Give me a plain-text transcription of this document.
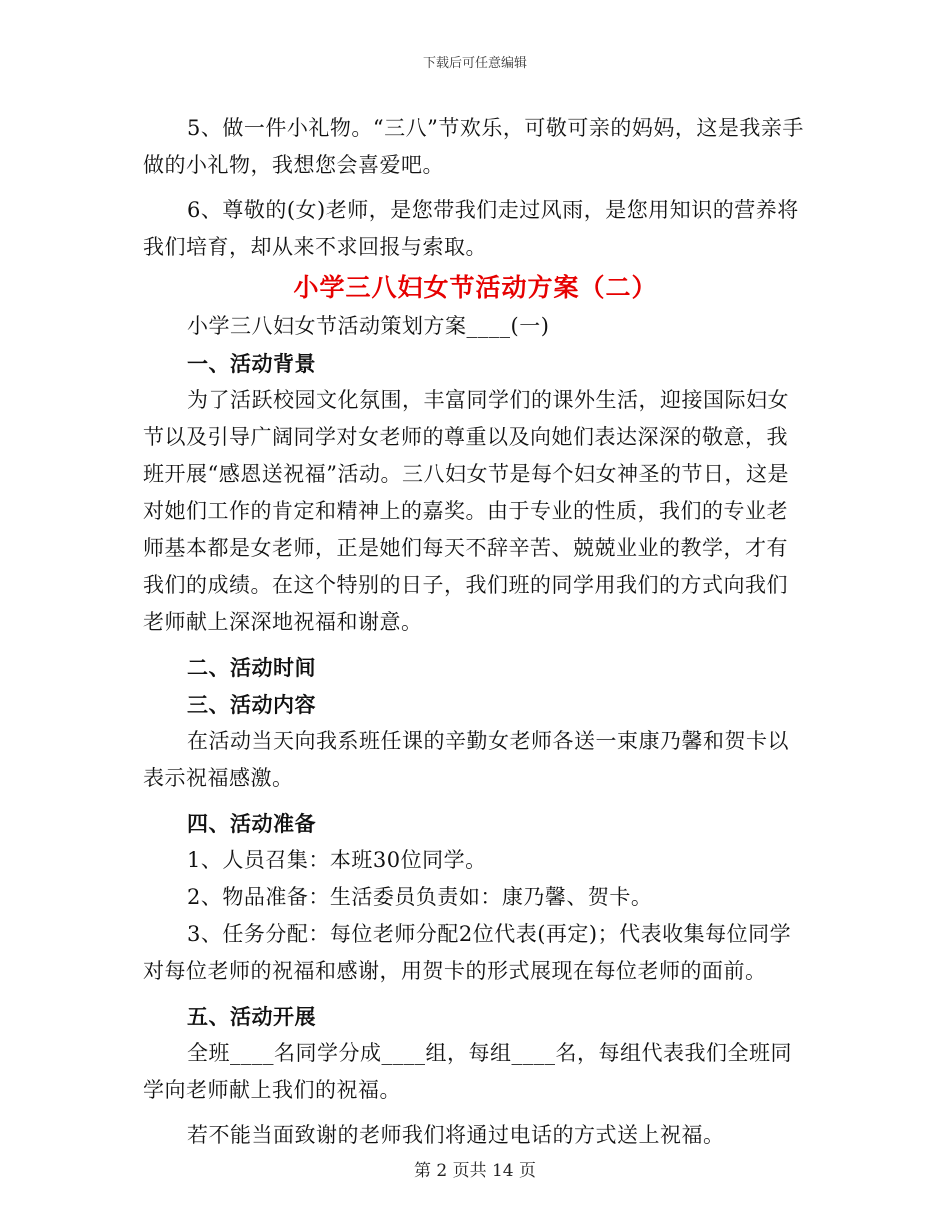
下载后可任意编辑

5、做一件小礼物。“三八”节欢乐，可敬可亲的妈妈，这是我亲手做的小礼物，我想您会喜爱吧。

6、尊敬的(女)老师，是您带我们走过风雨，是您用知识的营养将我们培育，却从来不求回报与索取。

小学三八妇女节活动方案（二）

小学三八妇女节活动策划方案____(一)

一、活动背景

为了活跃校园文化氛围，丰富同学们的课外生活，迎接国际妇女节以及引导广阔同学对女老师的尊重以及向她们表达深深的敬意，我班开展“感恩送祝福”活动。三八妇女节是每个妇女神圣的节日，这是对她们工作的肯定和精神上的嘉奖。由于专业的性质，我们的专业老师基本都是女老师，正是她们每天不辞辛苦、兢兢业业的教学，才有我们的成绩。在这个特别的日子，我们班的同学用我们的方式向我们老师献上深深地祝福和谢意。

二、活动时间

三、活动内容

在活动当天向我系班任课的辛勤女老师各送一束康乃馨和贺卡以表示祝福感激。

四、活动准备

1、人员召集：本班30位同学。

2、物品准备：生活委员负责如：康乃馨、贺卡。

3、任务分配：每位老师分配2位代表(再定)；代表收集每位同学对每位老师的祝福和感谢，用贺卡的形式展现在每位老师的面前。

五、活动开展

全班____名同学分成____组，每组____名，每组代表我们全班同学向老师献上我们的祝福。

若不能当面致谢的老师我们将通过电话的方式送上祝福。

第 2 页共 14 页
